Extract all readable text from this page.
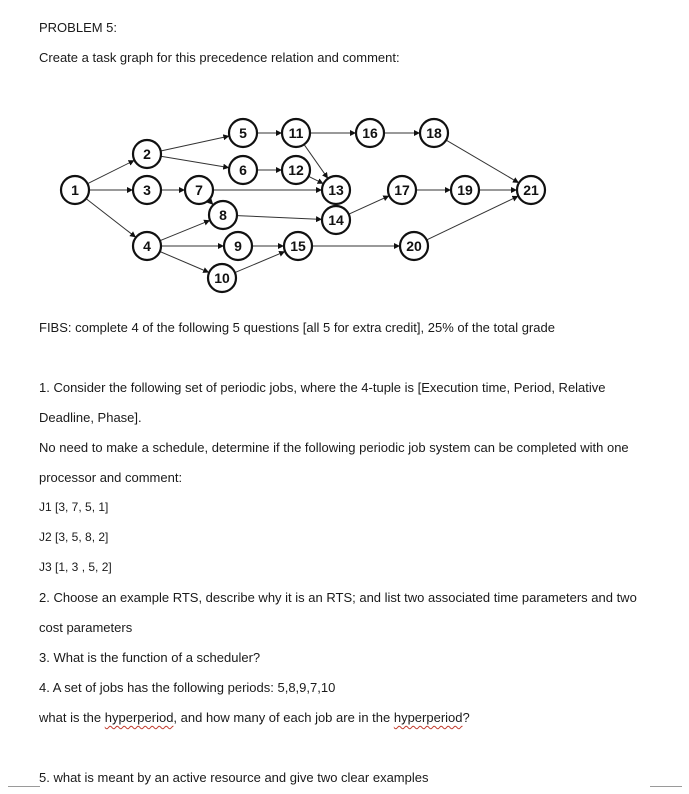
PROBLEM 5:
Create a task graph for this precedence relation and comment:
1
2
3
4
5
6
7
8
9
10
11
12
13
14
15
16
17
18
19
20
21
FIBS: complete 4 of the following 5 questions [all 5 for extra credit], 25% of the total grade
1. Consider the following set of periodic jobs, where the 4-tuple is [Execution time, Period, Relative
Deadline, Phase].
No need to make a schedule, determine if the following periodic job system can be completed with one
processor and comment:
J1 [3, 7, 5, 1]
J2 [3, 5, 8, 2]
J3 [1, 3 , 5, 2]
2. Choose an example RTS, describe why it is an RTS; and list two associated time parameters and two
cost parameters
3. What is the function of a scheduler?
4. A set of jobs has the following periods: 5,8,9,7,10
what is the hyperperiod, and how many of each job are in the hyperperiod?
5. what is meant by an active resource and give two clear examples
